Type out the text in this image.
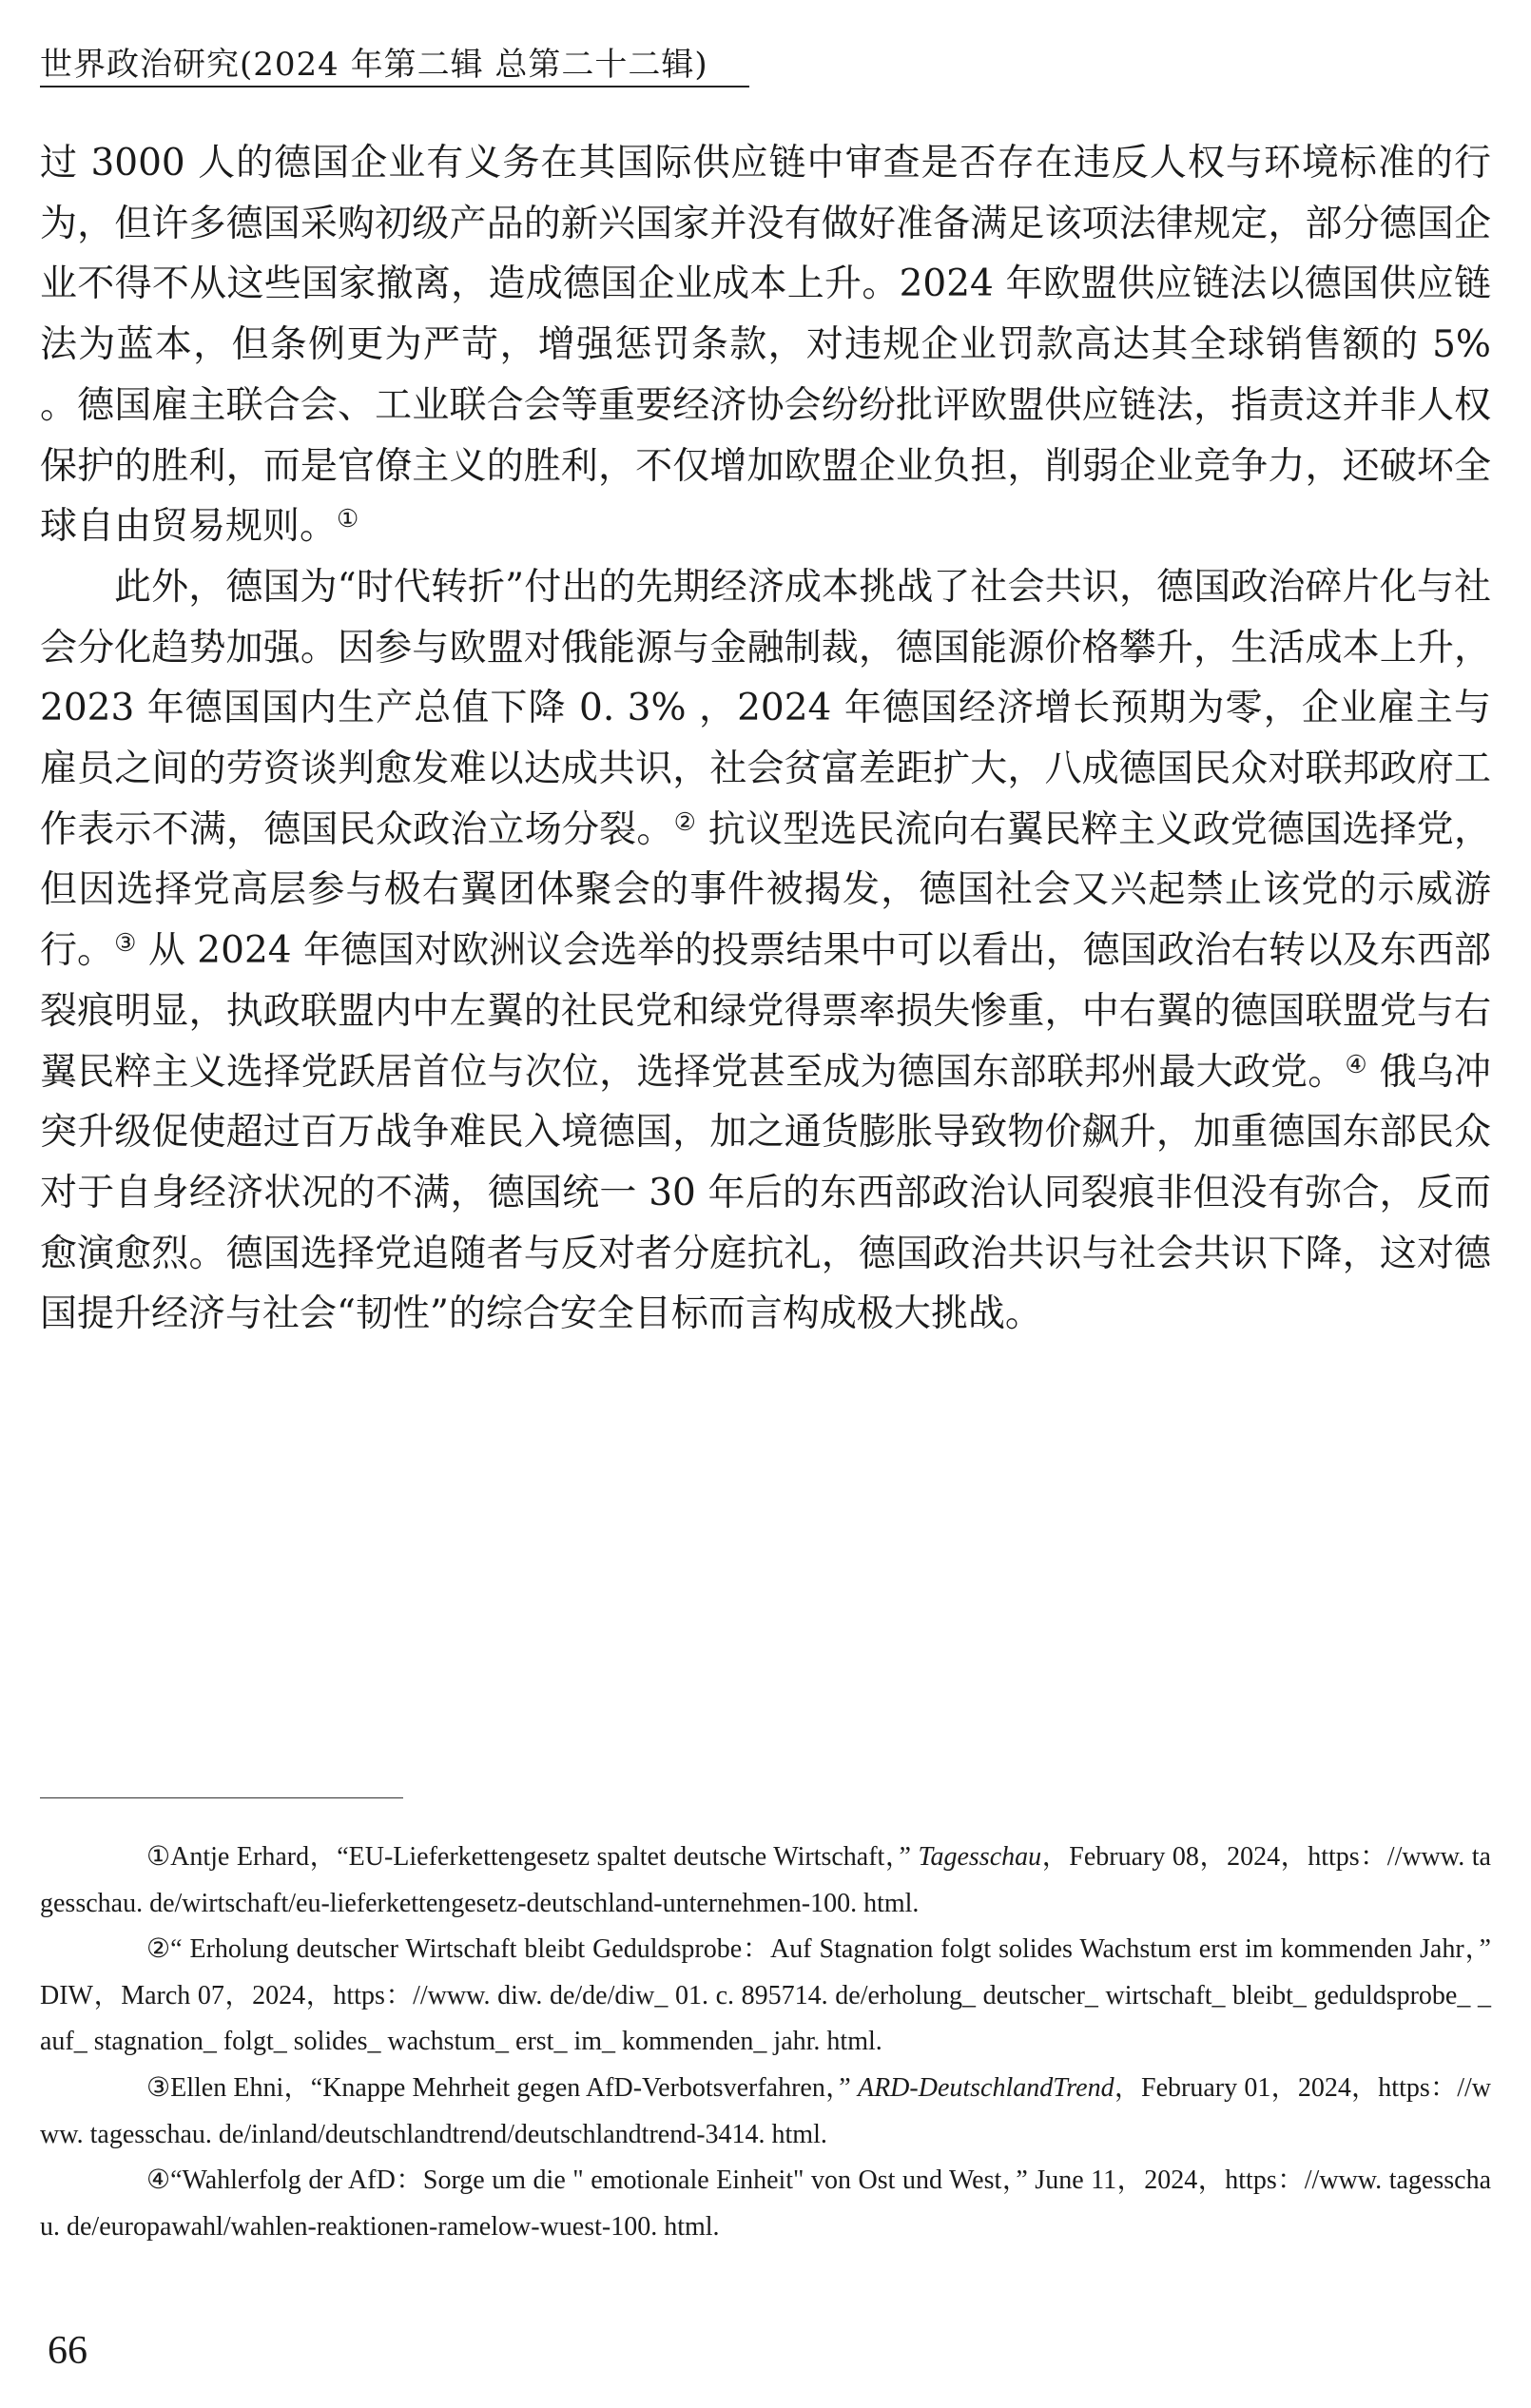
世界政治研究(2024 年第二辑 总第二十二辑)

过 3000 人的德国企业有义务在其国际供应链中审查是否存在违反人权与环境标准的行为，但许多德国采购初级产品的新兴国家并没有做好准备满足该项法律规定，部分德国企业不得不从这些国家撤离，造成德国企业成本上升。2024 年欧盟供应链法以德国供应链法为蓝本，但条例更为严苛，增强惩罚条款，对违规企业罚款高达其全球销售额的 5% 。德国雇主联合会、工业联合会等重要经济协会纷纷批评欧盟供应链法，指责这并非人权保护的胜利，而是官僚主义的胜利，不仅增加欧盟企业负担，削弱企业竞争力，还破坏全球自由贸易规则。①

此外，德国为“时代转折”付出的先期经济成本挑战了社会共识，德国政治碎片化与社会分化趋势加强。因参与欧盟对俄能源与金融制裁，德国能源价格攀升，生活成本上升，2023 年德国国内生产总值下降 0. 3% ，2024 年德国经济增长预期为零，企业雇主与雇员之间的劳资谈判愈发难以达成共识，社会贫富差距扩大，八成德国民众对联邦政府工作表示不满，德国民众政治立场分裂。② 抗议型选民流向右翼民粹主义政党德国选择党，但因选择党高层参与极右翼团体聚会的事件被揭发，德国社会又兴起禁止该党的示威游行。③ 从 2024 年德国对欧洲议会选举的投票结果中可以看出，德国政治右转以及东西部裂痕明显，执政联盟内中左翼的社民党和绿党得票率损失惨重，中右翼的德国联盟党与右翼民粹主义选择党跃居首位与次位，选择党甚至成为德国东部联邦州最大政党。④ 俄乌冲突升级促使超过百万战争难民入境德国，加之通货膨胀导致物价飙升，加重德国东部民众对于自身经济状况的不满，德国统一 30 年后的东西部政治认同裂痕非但没有弥合，反而愈演愈烈。德国选择党追随者与反对者分庭抗礼，德国政治共识与社会共识下降，这对德国提升经济与社会“韧性”的综合安全目标而言构成极大挑战。

①Antje Erhard，“EU-Lieferkettengesetz spaltet deutsche Wirtschaft，” Tagesschau，February 08，2024，https：//www. tagesschau. de/wirtschaft/eu-lieferkettengesetz-deutschland-unternehmen-100. html.

②“ Erholung deutscher Wirtschaft bleibt Geduldsprobe：Auf Stagnation folgt solides Wachstum erst im kommenden Jahr，” DIW，March 07，2024，https：//www. diw. de/de/diw_ 01. c. 895714. de/erholung_ deutscher_ wirtschaft_ bleibt_ geduldsprobe_ _ auf_ stagnation_ folgt_ solides_ wachstum_ erst_ im_ kommenden_ jahr. html.

③Ellen Ehni，“Knappe Mehrheit gegen AfD-Verbotsverfahren，” ARD-DeutschlandTrend，February 01，2024，https：//www. tagesschau. de/inland/deutschlandtrend/deutschlandtrend-3414. html.

④“Wahlerfolg der AfD：Sorge um die " emotionale Einheit" von Ost und West，” June 11，2024，https：//www. tagesschau. de/europawahl/wahlen-reaktionen-ramelow-wuest-100. html.

66
